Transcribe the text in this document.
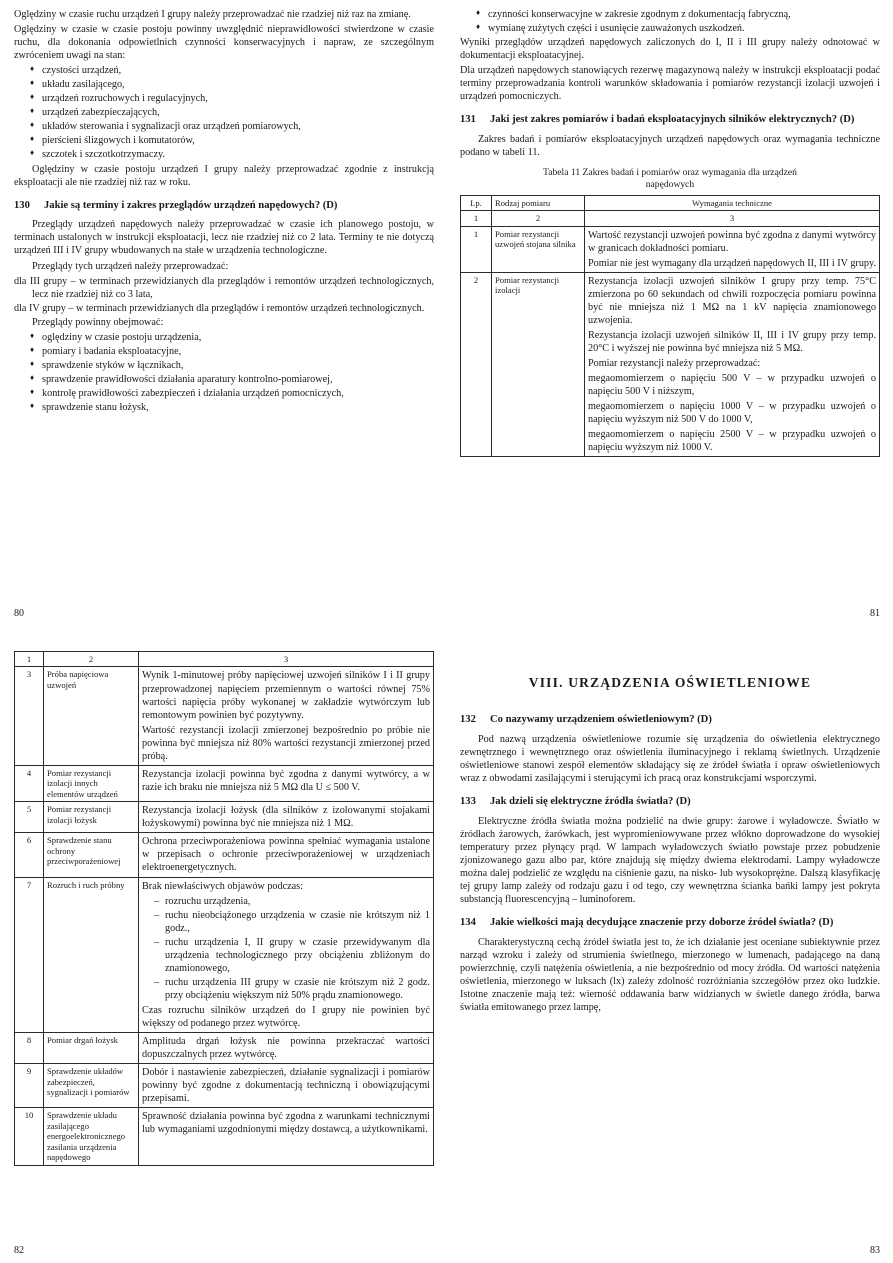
Oględziny w czasie ruchu urządzeń I grupy należy przeprowadzać nie rzadziej niż raz na zmianę.

Oględziny w czasie w czasie postoju powinny uwzględnić nieprawidłowości stwierdzone w czasie ruchu, dla dokonania odpowietlnich czynności konserwacyjnych i napraw, ze szczególnym zwróceniem uwagi na stan:

♦ czystości urządzeń,
♦ układu zasilającego,
♦ urządzeń rozruchowych i regulacyjnych,
♦ urządzeń zabezpieczających,
♦ układów sterowania i sygnalizacji oraz urządzeń pomiarowych,
♦ pierścieni ślizgowych i komutatorów,
♦ szczotek i szczotkotrzymaczy.

Oględziny w czasie postoju urządzeń I grupy należy przeprowadzać zgodnie z instrukcją eksploatacji ale nie rzadziej niż raz w roku.

130	Jakie są terminy i zakres przeglądów urządzeń napędowych? (D)

Przeglądy urządzeń napędowych należy przeprowadzać w czasie ich planowego postoju, w terminach ustalonych w instrukcji eksploatacji, lecz nie rzadziej niż co 2 lata. Terminy te nie dotyczą urządzeń III i IV grupy wbudowanych na stałe w urządzenia technologiczne.

Przeglądy tych urządzeń należy przeprowadzać:

dla III grupy – w terminach przewidzianych dla przeglądów i remontów urządzeń technologicznych, lecz nie rzadziej niż co 3 lata,

dla IV grupy – w terminach przewidzianych dla przeglądów i remontów urządzeń technologicznych.

Przeglądy powinny obejmować:

♦ oględziny w czasie postoju urządzenia,
♦ pomiary i badania eksploatacyjne,
♦ sprawdzenie styków w łącznikach,
♦ sprawdzenie prawidłowości działania aparatury kontrolno-pomiarowej,
♦ kontrolę prawidłowości zabezpieczeń i działania urządzeń pomocniczych,
♦ sprawdzenie stanu łożysk,
80
♦ czynności konserwacyjne w zakresie zgodnym z dokumentacją fabryczną,
♦ wymianę zużytych części i usunięcie zauważonych uszkodzeń.

Wyniki przeglądów urządzeń napędowych zaliczonych do I, II i III grupy należy odnotować w dokumentacji eksploatacyjnej.

Dla urządzeń napędowych stanowiących rezerwę magazynową należy w instrukcji eksploatacji podać terminy przeprowadzania kontroli warunków składowania i pomiarów rezystancji izolacji uzwojeń i urządzeń pomocniczych.

131	Jaki jest zakres pomiarów i badań eksploatacyjnych silników elektrycznych? (D)

Zakres badań i pomiarów eksploatacyjnych urządzeń napędowych oraz wymagania techniczne podano w tabeli 11.

Tabela 11 Zakres badań i pomiarów oraz wymagania dla urządzeń

napędowych

Lp.	Rodzaj pomiaru	Wymagania techniczne
1	2	3
1	Pomiar rezystancji uzwojeń stojana silnika	Wartość rezystancji uzwojeń powinna być zgodna z danymi wytwórcy w granicach dokładności pomiaru.
Pomiar nie jest wymagany dla urządzeń napędowych II, III i IV grupy.

2	Pomiar rezystancji izolacji	
Rezystancja izolacji uzwojeń silników I grupy przy temp. 75°C zmierzona po 60 sekundach od chwili rozpoczęcia pomiaru powinna być nie mniejsza niż 1 MΩ na 1 kV napięcia znamionowego uzwojenia.
Rezystancja izolacji uzwojeń silników II, III i IV grupy przy temp. 20°C i wyższej nie powinna być mniejsza niż 5 MΩ.
Pomiar rezystancji należy przeprowadzać:
megaomomierzem o napięciu 500 V – w przypadku uzwojeń o napięciu 500 V i niższym,
megaomomierzem o napięciu 1000 V – w przypadku uzwojeń o napięciu wyższym niż 500 V do 1000 V,
megaomomierzem o napięciu 2500 V – w przypadku uzwojeń o napięciu wyższym niż 1000 V.
81
1	2	3
3	Próba napięciowa uzwojeń	Wynik 1-minutowej próby napięciowej uzwojeń silników I i II grupy przeprowadzonej napięciem przemiennym o wartości równej 75% wartości napięcia próby wykonanej w zakładzie wytwórczym lub remontowym powinien być pozytywny.
Wartość rezystancji izolacji zmierzonej bezpośrednio po próbie nie powinna być mniejsza niż 80% wartości rezystancji zmierzonej przed próbą.

4	Pomiar rezystancji izolacji innych elementów urządzeń	Rezystancja izolacji powinna być zgodna z danymi wytwórcy, a w razie ich braku nie mniejsza niż 5 MΩ dla U ≤ 500 V.

5	Pomiar rezystancji izolacji łożysk	Rezystancja izolacji łożysk (dla silników z izolowanymi stojakami łożyskowymi) powinna być nie mniejsza niż 1 MΩ.

6	Sprawdzenie stanu ochrony przeciwporażeniowej	Ochrona przeciwporażeniowa powinna spełniać wymagania ustalone w przepisach o ochronie przeciwporażeniowej w urządzeniach elektroenergetycznych.

7	Rozruch i ruch próbny	Brak niewłaściwych objawów podczas:
– rozruchu urządzenia,
– ruchu nieobciążonego urządzenia w czasie nie krótszym niż 1 godz.,
– ruchu urządzenia I, II grupy w czasie przewidywanym dla urządzenia technologicznego przy obciążeniu zbliżonym do znamionowego,
– ruchu urządzenia III grupy w czasie nie krótszym niż 2 godz. przy obciążeniu większym niż 50% prądu znamionowego.
Czas rozruchu silników urządzeń do I grupy nie powinien być większy od podanego przez wytwórcę.

8	Pomiar drgań łożysk	Amplituda drgań łożysk nie powinna przekraczać wartości dopuszczalnych przez wytwórcę.

9	Sprawdzenie układów zabezpieczeń, sygnalizacji i pomiarów	Dobór i nastawienie zabezpieczeń, działanie sygnalizacji i pomiarów powinny być zgodne z dokumentacją techniczną i obowiązującymi przepisami.

10	Sprawdzenie układu zasilającego energoelektronicznego zasilania urządzenia napędowego	Sprawność działania powinna być zgodna z warunkami technicznymi lub wymaganiami uzgodnionymi między dostawcą, a użytkownikami.
82
VIII. URZĄDZENIA OŚWIETLENIOWE
132	Co nazywamy urządzeniem oświetleniowym? (D)

Pod nazwą urządzenia oświetleniowe rozumie się urządzenia do oświetlenia elektrycznego zewnętrznego i wewnętrznego oraz oświetlenia iluminacyjnego i reklamą świetlnych. Urządzenie oświetleniowe stanowi zespół elementów składający się ze źródeł światła i opraw oświetleniowych wraz z obwodami zasilającymi i sterującymi ich pracą oraz konstrukcjami wsporczymi.

133	Jak dzieli się elektryczne źródła światła? (D)

Elektryczne źródła światła można podzielić na dwie grupy: żarowe i wyładowcze. Światło w źródłach żarowych, żarówkach, jest wypromieniowywane przez włókno doprowadzone do wysokiej temperatury przez płynący prąd. W lampach wyładowczych światło powstaje przez pobudzenie zjonizowanego gazu albo par, które znajdują się między dwiema elektrodami. Lampy wyładowcze można dalej podzielić ze względu na ciśnienie gazu, na nisko- lub wysokoprężne. Dalszą klasyfikację tej grupy lamp zależy od rodzaju gazu i od tego, czy wewnętrzna ścianka bańki lampy jest pokryta substancją fluorescencyjną – luminoforem.

134	Jakie wielkości mają decydujące znaczenie przy doborze źródeł światła? (D)

Charakterystyczną cechą źródeł światła jest to, że ich działanie jest oceniane subiektywnie przez narząd wzroku i zależy od strumienia świetlnego, mierzonego w lumenach, padającego na daną powierzchnię, czyli natężenia oświetlenia, a nie bezpośrednio od mocy źródła. Od wartości natężenia oświetlenia, mierzonego w luksach (lx) zależy zdolność rozróżniania szczegółów przez oko ludzkie. Istotne znaczenie mają też: wierność oddawania barw widzianych w świetle danego źródła, barwa światła emitowanego przez lampę,

83
